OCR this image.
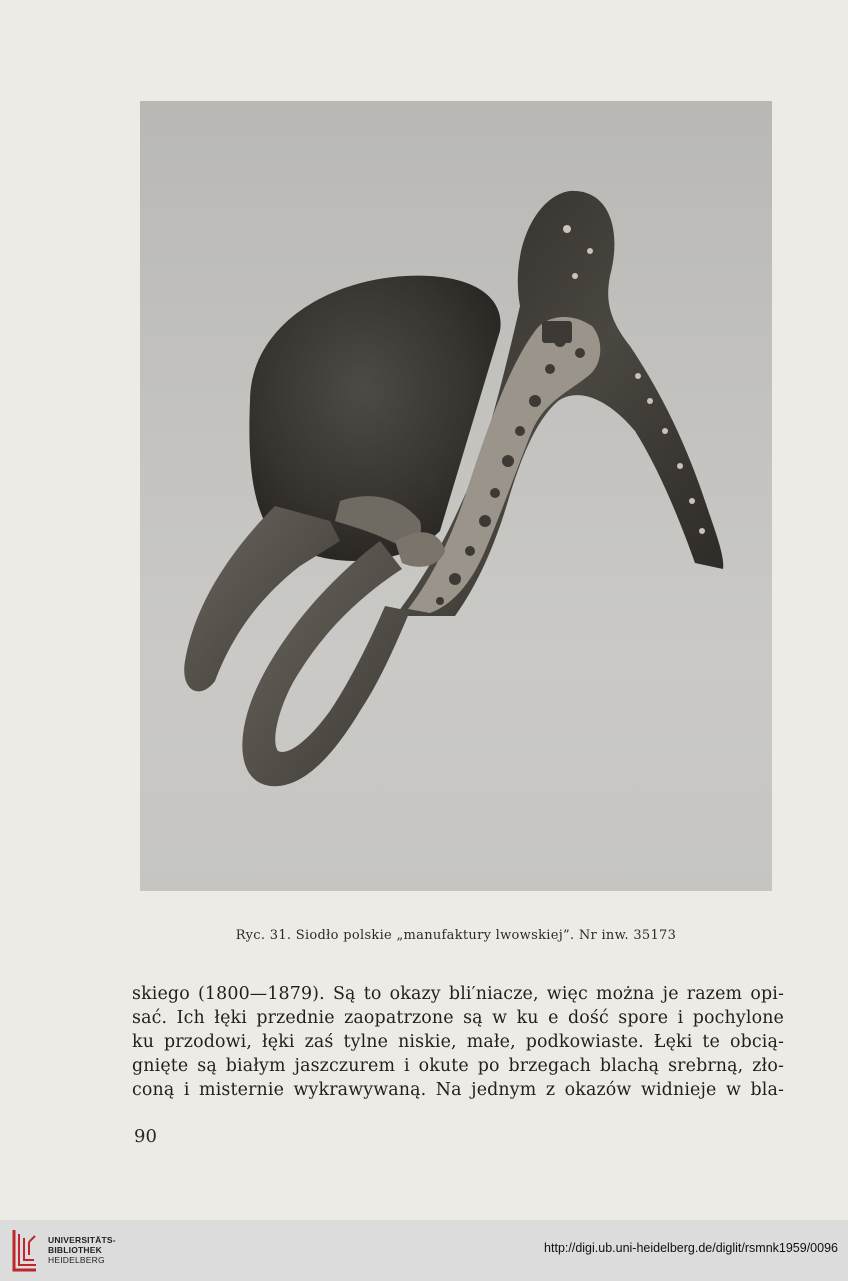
Ryc. 31. Siodło polskie „manufaktury lwowskiej”. Nr inw. 35173
skiego (1800—1879). Są to okazy bli′niacze, więc można je razem opi-
sać. Ich łęki przednie zaopatrzone są w ku e dość spore i pochylone
ku przodowi, łęki zaś tylne niskie, małe, podkowiaste. Łęki te obcią-
gnięte są białym jaszczurem i okute po brzegach blachą srebrną, zło-
coną i misternie wykrawywaną. Na jednym z okazów widnieje w bla-
90
UNIVERSITÄTS-
BIBLIOTHEK
HEIDELBERG
http://digi.ub.uni-heidelberg.de/diglit/rsmnk1959/0096
